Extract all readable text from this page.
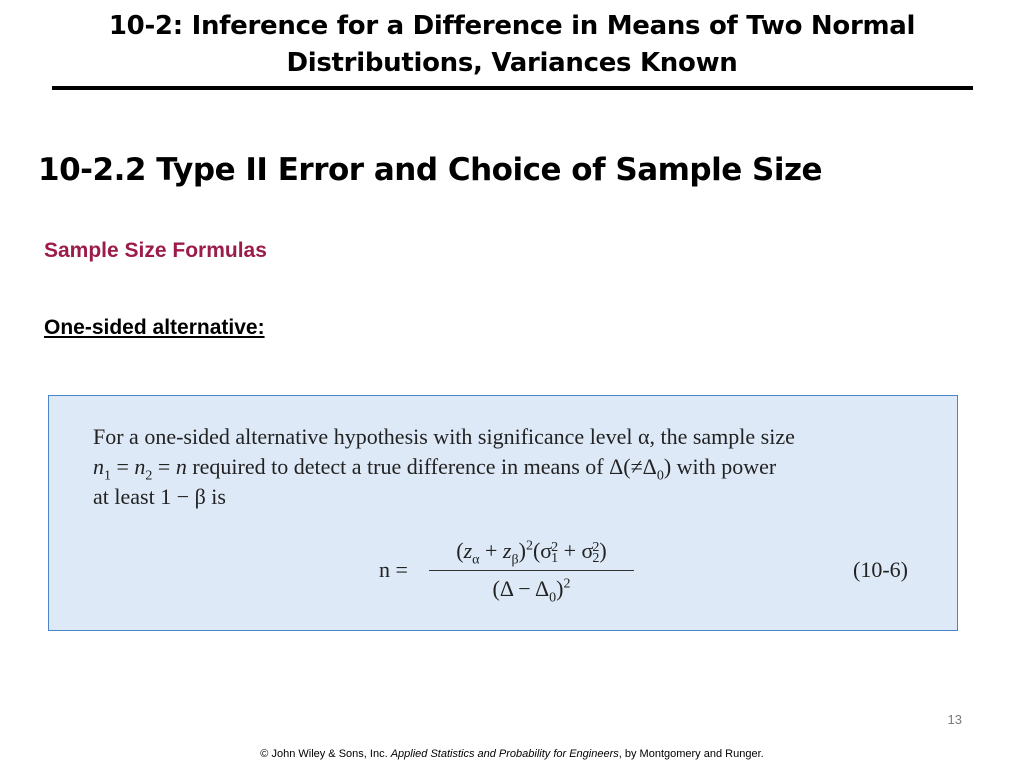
10-2: Inference for a Difference in Means of Two Normal
Distributions, Variances Known
10-2.2 Type II Error and Choice of Sample Size
Sample Size Formulas

One-sided alternative:

For a one-sided alternative hypothesis with significance level α, the sample size
$n_1 = n_2 = n$ required to detect a true difference in means of $\Delta(\ne\Delta_0)$ with power
at least 1 − β is

n =
$(z_\alpha + z_\beta)^2(\sigma$ 2
1 + σ 2
2 )
$(\Delta - \Delta_0)^2$
(10-6)
13
© John Wiley & Sons, Inc. Applied Statistics and Probability for Engineers, by Montgomery and Runger.
